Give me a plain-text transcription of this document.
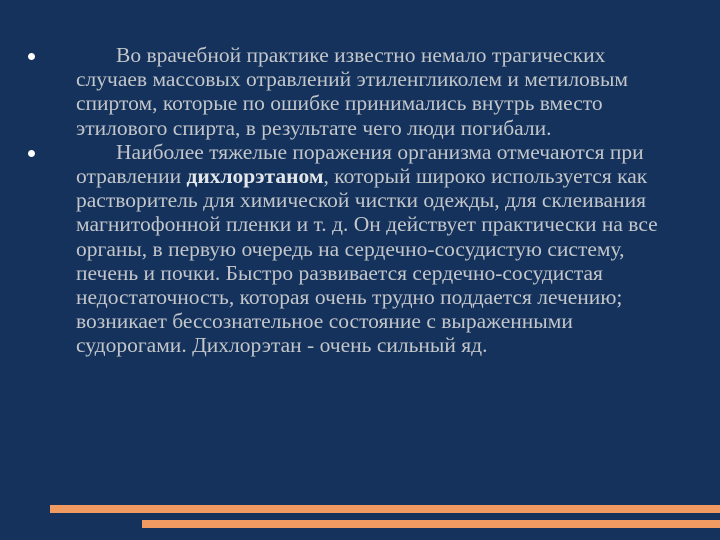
Во врачебной практике известно немало трагических случаев массовых отравлений этиленгликолем и метиловым спиртом, которые по ошибке принимались внутрь вместо этилового спирта, в результате чего люди погибали.

Наиболее тяжелые поражения организма отмечаются при отравлении дихлорэтаном, который широко используется как растворитель для химической чистки одежды, для склеивания магнитофонной пленки и т. д. Он действует практически на все органы, в первую очередь на сердечно-сосудистую систему, печень и почки. Быстро развивается сердечно-сосудистая недостаточность, которая очень трудно поддается лечению; возникает бессознательное состояние с выраженными судорогами. Дихлорэтан - очень сильный яд.
